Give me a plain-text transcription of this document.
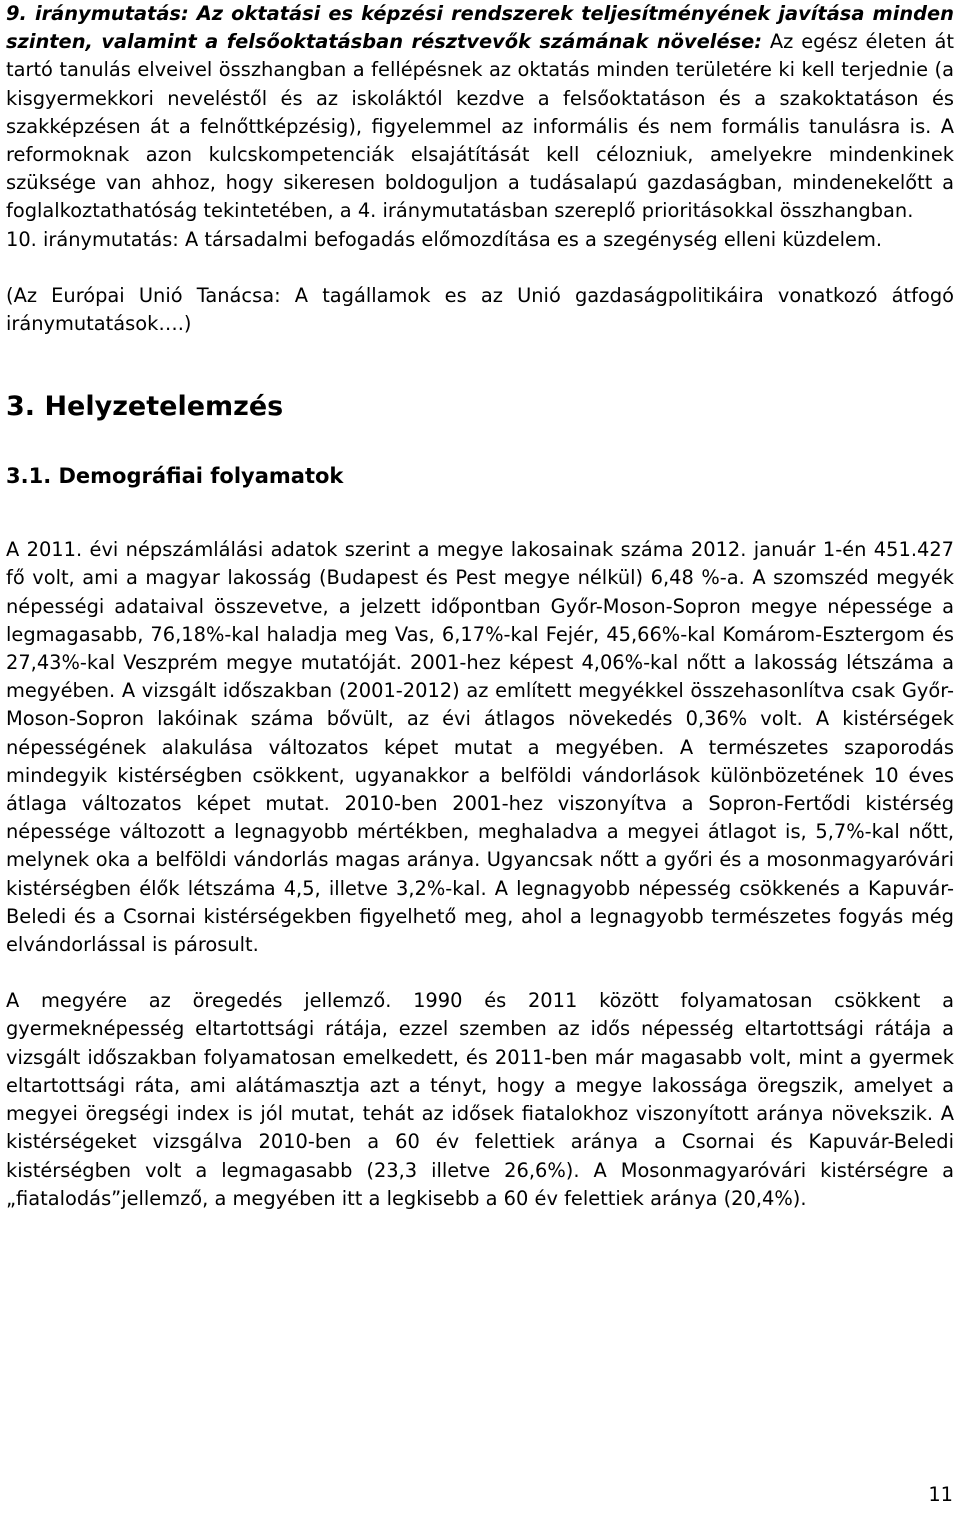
9. iránymutatás: Az oktatási es képzési rendszerek teljesítményének javítása minden szinten, valamint a felsőoktatásban résztvevők számának növelése: Az egész életen át tartó tanulás elveivel összhangban a fellépésnek az oktatás minden területére ki kell terjednie (a kisgyermekkori neveléstől és az iskoláktól kezdve a felsőoktatáson és a szakoktatáson és szakképzésen át a felnőttképzésig), figyelemmel az informális és nem formális tanulásra is. A reformoknak azon kulcskompetenciák elsajátítását kell célozniuk, amelyekre mindenkinek szüksége van ahhoz, hogy sikeresen boldoguljon a tudásalapú gazdaságban, mindenekelőtt a foglalkoztathatóság tekintetében, a 4. iránymutatásban szereplő prioritásokkal összhangban.

10. iránymutatás: A társadalmi befogadás előmozdítása es a szegénység elleni küzdelem.

(Az Európai Unió Tanácsa: A tagállamok es az Unió gazdaságpolitikáira vonatkozó átfogó iránymutatások….)

3. Helyzetelemzés
3.1. Demográfiai folyamatok

A 2011. évi népszámlálási adatok szerint a megye lakosainak száma 2012. január 1-én 451.427 fő volt, ami a magyar lakosság (Budapest és Pest megye nélkül) 6,48 %-a. A szomszéd megyék népességi adataival összevetve, a jelzett időpontban Győr-Moson-Sopron megye népessége a legmagasabb, 76,18%-kal haladja meg Vas, 6,17%-kal Fejér, 45,66%-kal Komárom-Esztergom és 27,43%-kal Veszprém megye mutatóját. 2001-hez képest 4,06%-kal nőtt a lakosság létszáma a megyében. A vizsgált időszakban (2001-2012) az említett megyékkel összehasonlítva csak Győr-Moson-Sopron lakóinak száma bővült, az évi átlagos növekedés 0,36% volt. A kistérségek népességének alakulása változatos képet mutat a megyében. A természetes szaporodás mindegyik kistérségben csökkent, ugyanakkor a belföldi vándorlások különbözetének 10 éves átlaga változatos képet mutat. 2010-ben 2001-hez viszonyítva a Sopron-Fertődi kistérség népessége változott a legnagyobb mértékben, meghaladva a megyei átlagot is, 5,7%-kal nőtt, melynek oka a belföldi vándorlás magas aránya. Ugyancsak nőtt a győri és a mosonmagyaróvári kistérségben élők létszáma 4,5, illetve 3,2%-kal. A legnagyobb népesség csökkenés a Kapuvár-Beledi és a Csornai kistérségekben figyelhető meg, ahol a legnagyobb természetes fogyás még elvándorlással is párosult.

A megyére az öregedés jellemző. 1990 és 2011 között folyamatosan csökkent a gyermeknépesség eltartottsági rátája, ezzel szemben az idős népesség eltartottsági rátája a vizsgált időszakban folyamatosan emelkedett, és 2011-ben már magasabb volt, mint a gyermek eltartottsági ráta, ami alátámasztja azt a tényt, hogy a megye lakossága öregszik, amelyet a megyei öregségi index is jól mutat, tehát az idősek fiatalokhoz viszonyított aránya növekszik. A kistérségeket vizsgálva 2010-ben a 60 év felettiek aránya a Csornai és Kapuvár-Beledi kistérségben volt a legmagasabb (23,3 illetve 26,6%). A Mosonmagyaróvári kistérségre a „fiatalodás”jellemző, a megyében itt a legkisebb a 60 év felettiek aránya (20,4%).

11
